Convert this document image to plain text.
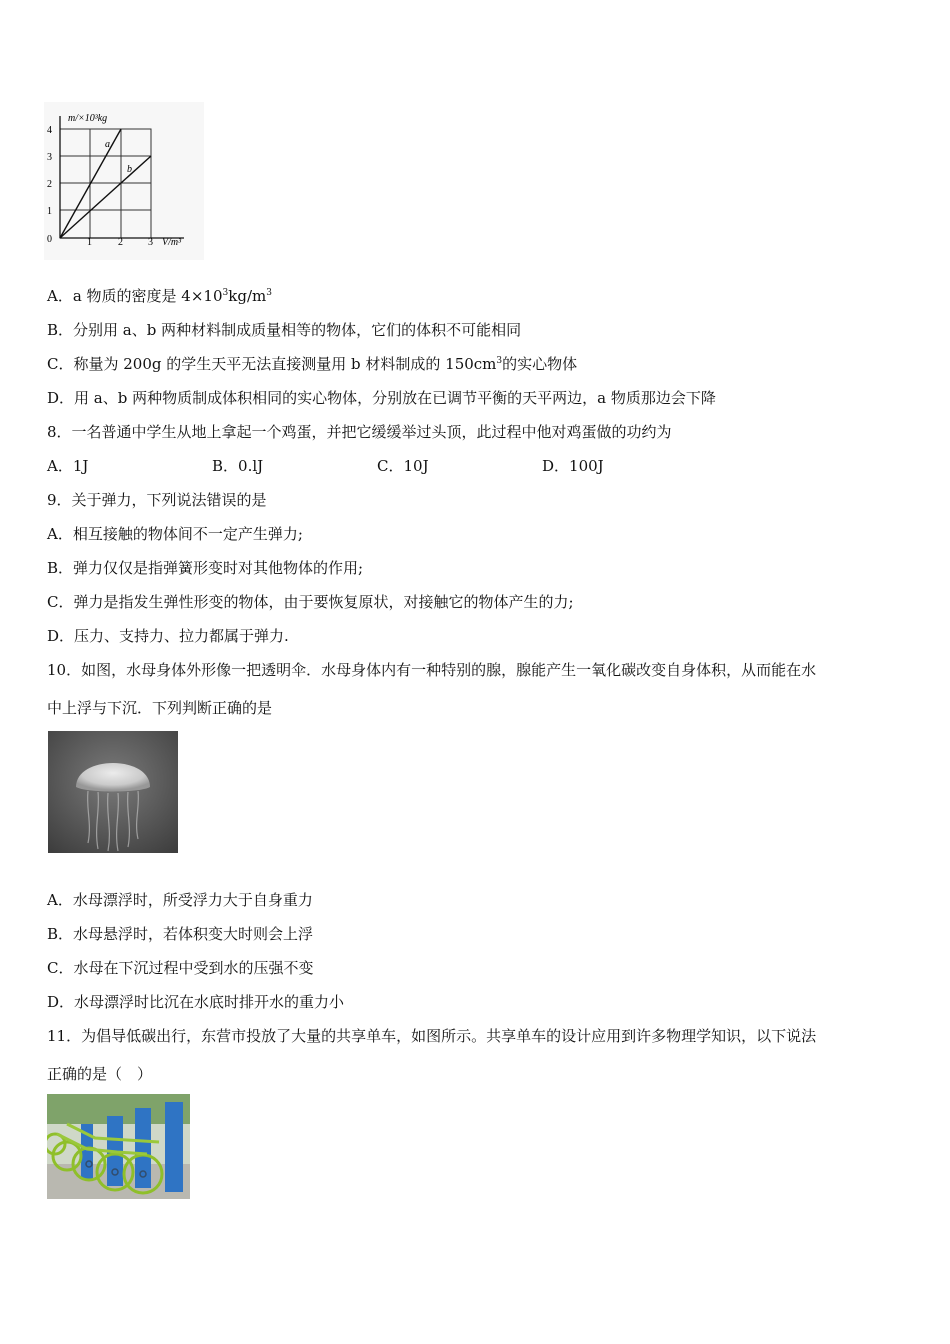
m/×10³kg
V/m³
0	1	2	3
1
2
3
4
a
b
A．a 物质的密度是 $4\times 10^3kg/m^3$
B．分别用 a、b 两种材料制成质量相等的物体，它们的体积不可能相同
C．称量为 200g 的学生天平无法直接测量用 b 材料制成的 $150cm^3$的实心物体
D．用 a、b 两种物质制成体积相同的实心物体，分别放在已调节平衡的天平两边，a 物质那边会下降
8．一名普通中学生从地上拿起一个鸡蛋，并把它缓缓举过头顶，此过程中他对鸡蛋做的功约为
A．1J	B．0.lJ	C．10J	D．100J
9．关于弹力，下列说法错误的是
A．相互接触的物体间不一定产生弹力;
B．弹力仅仅是指弹簧形变时对其他物体的作用;
C．弹力是指发生弹性形变的物体，由于要恢复原状，对接触它的物体产生的力;
D．压力、支持力、拉力都属于弹力.
10．如图，水母身体外形像一把透明伞．水母身体内有一种特别的腺，腺能产生一氧化碳改变自身体积，从而能在水
中上浮与下沉．下列判断正确的是
A．水母漂浮时，所受浮力大于自身重力
B．水母悬浮时，若体积变大时则会上浮
C．水母在下沉过程中受到水的压强不变
D．水母漂浮时比沉在水底时排开水的重力小
11．为倡导低碳出行，东营市投放了大量的共享单车，如图所示。共享单车的设计应用到许多物理学知识，以下说法
正确的是（　）
